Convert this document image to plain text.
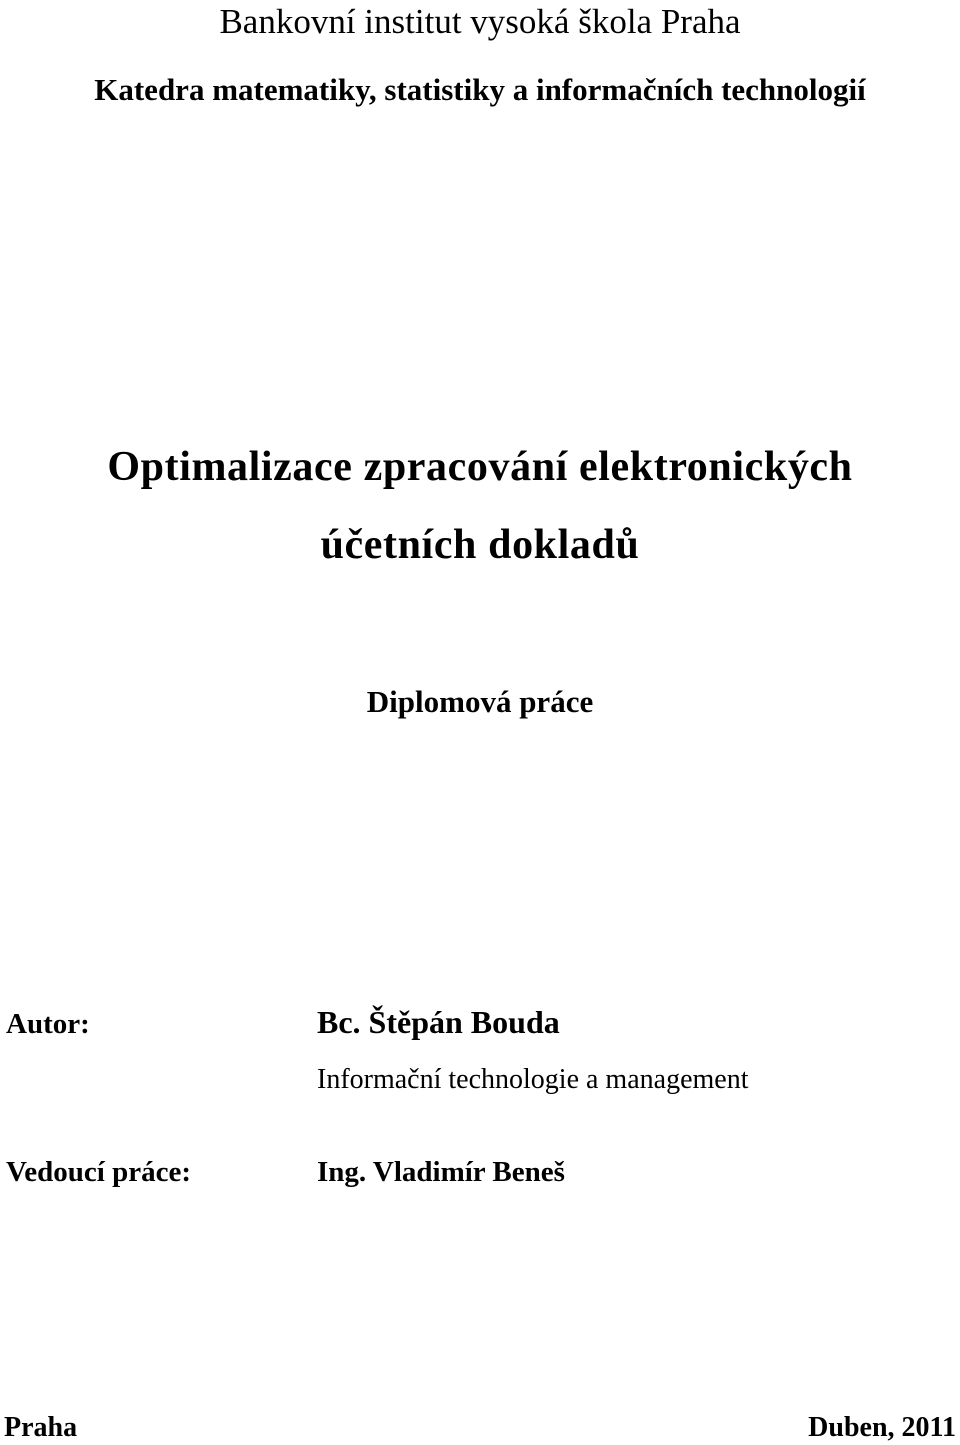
Bankovní institut vysoká škola Praha
Katedra matematiky, statistiky a informačních technologií
Optimalizace zpracování elektronických
účetních dokladů
Diplomová práce
Autor:	Bc. Štěpán Bouda
Informační technologie a management
Vedoucí práce:	Ing. Vladimír Beneš
Praha	Duben, 2011
